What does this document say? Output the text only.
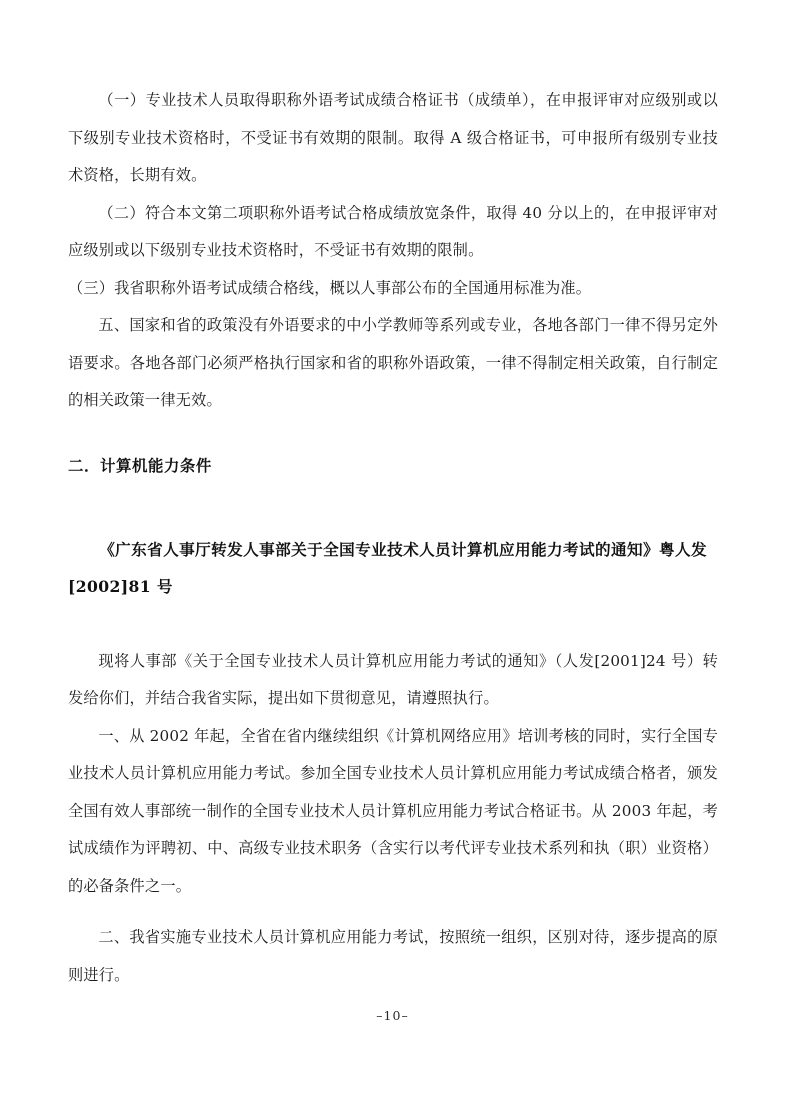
（一）专业技术人员取得职称外语考试成绩合格证书（成绩单），在申报评审对应级别或以下级别专业技术资格时，不受证书有效期的限制。取得 A 级合格证书，可申报所有级别专业技术资格，长期有效。

（二）符合本文第二项职称外语考试合格成绩放宽条件，取得 40 分以上的，在申报评审对应级别或以下级别专业技术资格时，不受证书有效期的限制。

（三）我省职称外语考试成绩合格线，概以人事部公布的全国通用标准为准。

五、国家和省的政策没有外语要求的中小学教师等系列或专业，各地各部门一律不得另定外语要求。各地各部门必须严格执行国家和省的职称外语政策，一律不得制定相关政策，自行制定的相关政策一律无效。

二．计算机能力条件
《广东省人事厅转发人事部关于全国专业技术人员计算机应用能力考试的通知》粤人发[2002]81 号

现将人事部《关于全国专业技术人员计算机应用能力考试的通知》（人发[2001]24 号）转发给你们，并结合我省实际，提出如下贯彻意见，请遵照执行。

一、从 2002 年起，全省在省内继续组织《计算机网络应用》培训考核的同时，实行全国专业技术人员计算机应用能力考试。参加全国专业技术人员计算机应用能力考试成绩合格者，颁发全国有效人事部统一制作的全国专业技术人员计算机应用能力考试合格证书。从 2003 年起，考试成绩作为评聘初、中、高级专业技术职务（含实行以考代评专业技术系列和执（职）业资格）的必备条件之一。

二、我省实施专业技术人员计算机应用能力考试，按照统一组织，区别对待，逐步提高的原则进行。

–10–
